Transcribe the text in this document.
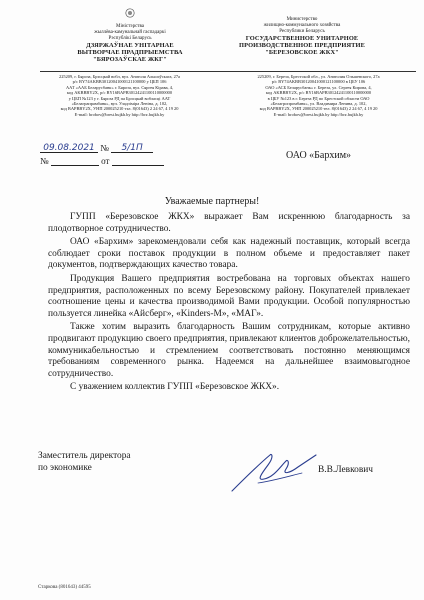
Міністэрства
жыллёва-камунальнай гаспадаркі
Рэспублікі Беларусь
ДЗЯРЖАЎНАЕ УНІТАРНАЕ
ВЫТВОРЧАЕ ПРАДПРЫЕМСТВА
"БЯРОЗАЎСКАЕ ЖКГ"
Министерство
жилищно-коммунального хозяйства
Республики Беларусь
ГОСУДАРСТВЕННОЕ УНИТАРНОЕ
ПРОИЗВОДСТВЕННОЕ ПРЕДПРИЯТИЕ
"БЕРЕЗОВСКОЕ ЖКХ"
225209, г. Бяроза, Брэсцкай вобл, вул. Анатоля Альшэўскага, 27а
р/с BY74AKBB30120041000121100000 у ЦБП 106
ААТ «ААБ Беларусбанк» г. Бяроза, вул. Сяргея Кірава, 4,
код AKBBBY2X, р/с BY16BAPB30124241100110000000
у ЦБП №123 у г. Бяроза РД па Брэсцкай вобласці ААТ
«Белаграпрамбанк», вул. Уладзіміра Леніна, д. 102,
код BAPBBY2X, УНП 200025210 тэл. 8(01643) 2 24 67, 4 19 20
E-mail: brobov@brest.bujkh.by http://brz.bujkh.by
225209, г. Береза, Брестской обл., ул. Анатолия Ольшевского, 27а
р/с BY74AKBB30120041000121100000 в ЦБУ 106
ОАО «АСБ Беларусбанк» г. Береза, ул. Сергея Кирова, 4,
код AKBBBY2X, р/с BY16BAPB30124241100110000000
в ЦБУ №123 в г. Береза РД по Брестской области ОАО
«Белагропромбанк», ул. Владимира Ленина, д. 102,
код BAPBBY2X, УНП 200025210 тел. 8(01643) 2 24 67, 4 19 20
E-mail: brobov@brest.bujkh.by http://brz.bujkh.by
09.08.2021 № 5/1П
№	от	ОАО «Бархим»
Уважаемые партнеры!

ГУПП «Березовское ЖКХ» выражает Вам искреннюю благодарность за плодотворное сотрудничество.

ОАО «Бархим» зарекомендовали себя как надежный поставщик, который всегда соблюдает сроки поставок продукции в полном объеме и предоставляет пакет документов, подтверждающих качество товара.

Продукция Вашего предприятия востребована на торговых объектах нашего предприятия, расположенных по всему Березовскому району. Покупателей привлекает соотношение цены и качества производимой Вами продукции. Особой популярностью пользуется линейка «Айсберг», «Kinders-M», «МАГ».

Также хотим выразить благодарность Вашим сотрудникам, которые активно продвигают продукцию своего предприятия, привлекают клиентов доброжелательностью, коммуникабельностью и стремлением соответствовать постоянно меняющимся требованиям современного рынка. Надеемся на дальнейшее взаимовыгодное сотрудничество.

С уважением коллектив ГУПП «Березовское ЖКХ».

Заместитель директора
по экономике	В.В.Левкович
Старкова (801643) 44595
